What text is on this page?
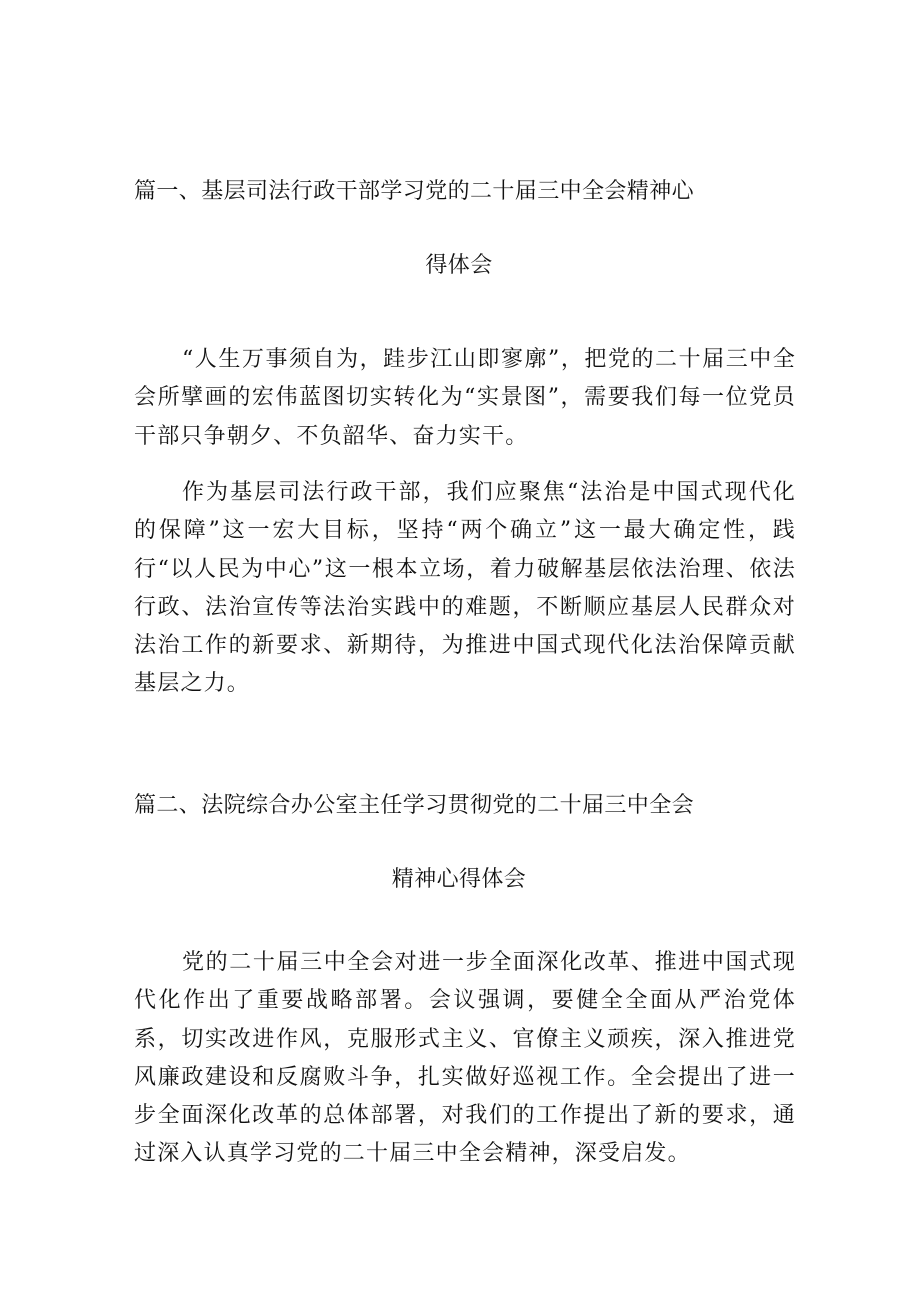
篇一、基层司法行政干部学习党的二十届三中全会精神心
得体会

“人生万事须自为，跬步江山即寥廓”，把党的二十届三中全会所擘画的宏伟蓝图切实转化为“实景图”，需要我们每一位党员干部只争朝夕、不负韶华、奋力实干。

作为基层司法行政干部，我们应聚焦“法治是中国式现代化的保障”这一宏大目标，坚持“两个确立”这一最大确定性，践行“以人民为中心”这一根本立场，着力破解基层依法治理、依法行政、法治宣传等法治实践中的难题，不断顺应基层人民群众对法治工作的新要求、新期待，为推进中国式现代化法治保障贡献基层之力。

篇二、法院综合办公室主任学习贯彻党的二十届三中全会
精神心得体会

党的二十届三中全会对进一步全面深化改革、推进中国式现代化作出了重要战略部署。会议强调，要健全全面从严治党体系，切实改进作风，克服形式主义、官僚主义顽疾，深入推进党风廉政建设和反腐败斗争，扎实做好巡视工作。全会提出了进一步全面深化改革的总体部署，对我们的工作提出了新的要求，通过深入认真学习党的二十届三中全会精神，深受启发。
